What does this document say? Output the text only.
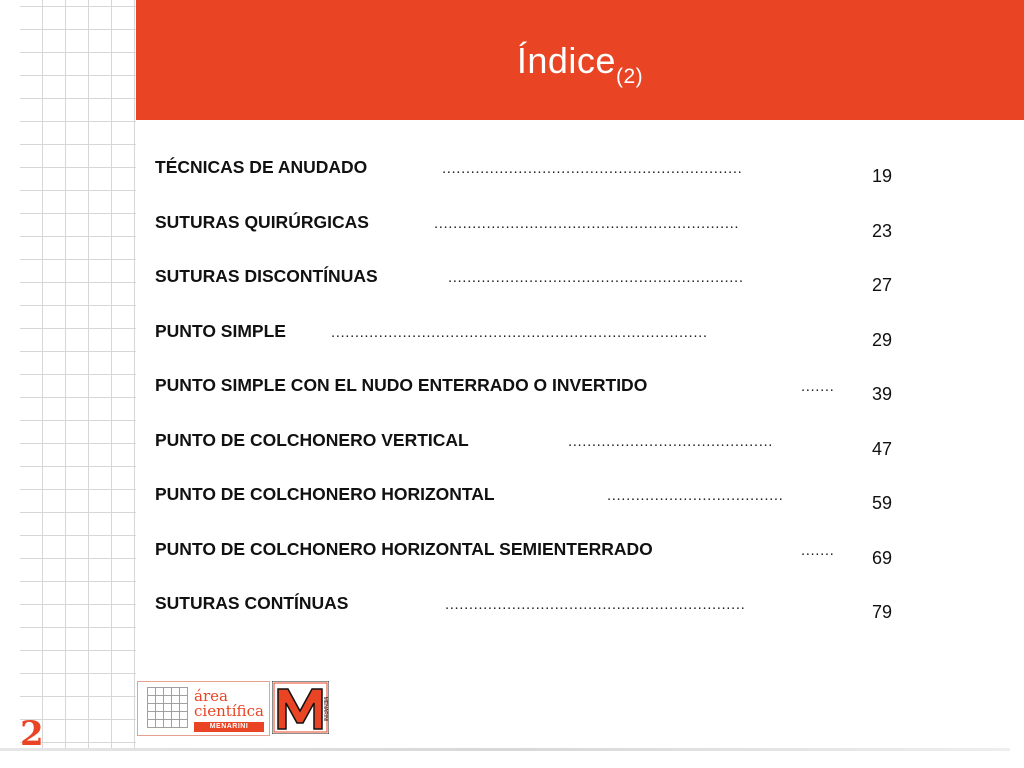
Índice$_{(2)}$
TÉCNICAS DE ANUDADO	...............................................................	19
SUTURAS QUIRÚRGICAS	................................................................	23
SUTURAS DISCONTÍNUAS	..............................................................	27
PUNTO SIMPLE	...............................................................................	29
PUNTO SIMPLE CON EL NUDO ENTERRADO O INVERTIDO	.......	39
PUNTO DE COLCHONERO VERTICAL	...........................................	47
PUNTO DE COLCHONERO HORIZONTAL	.....................................	59
PUNTO DE COLCHONERO HORIZONTAL SEMIENTERRADO	.......	69
SUTURAS CONTÍNUAS	...............................................................	79
2
área
científica
MENARINI
MENARINI
